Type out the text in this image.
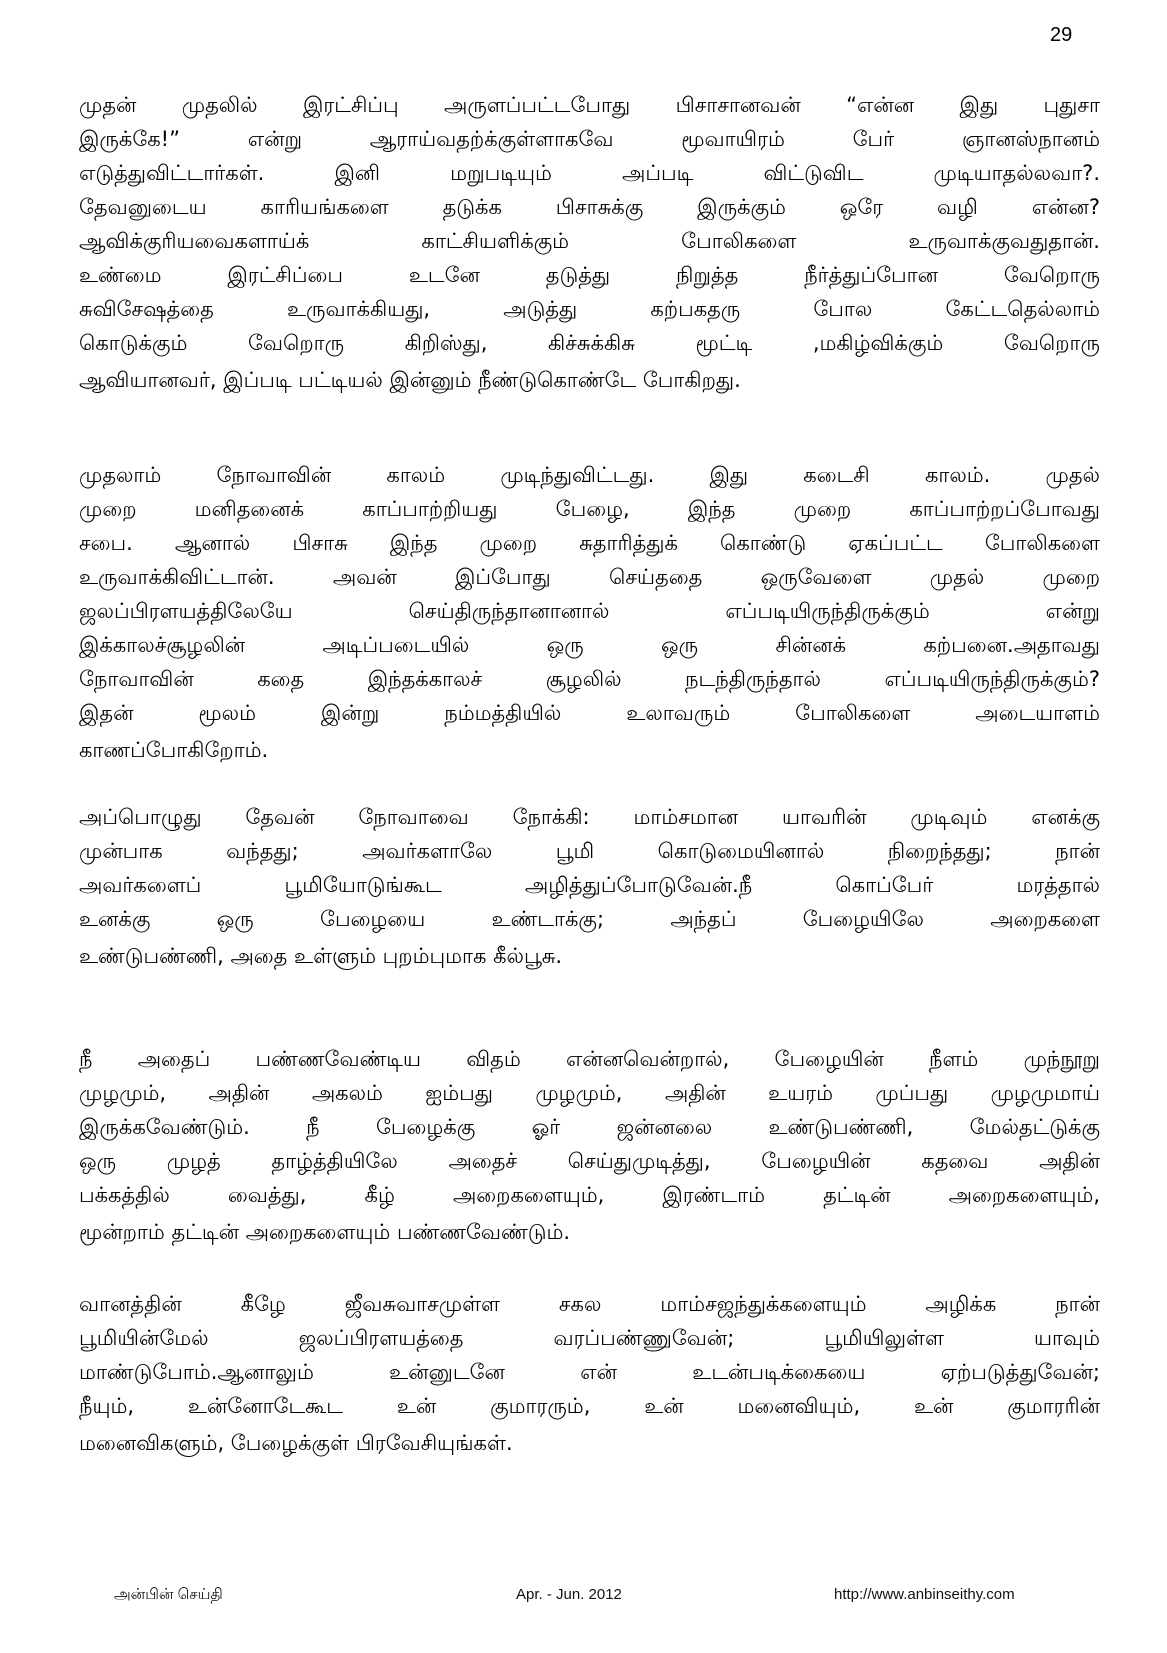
29
முதன் முதலில் இரட்சிப்பு அருளப்பட்டபோது பிசாசானவன் “என்ன இது புதுசா
இருக்கே!” என்று ஆராய்வதற்க்குள்ளாகவே மூவாயிரம் பேர் ஞானஸ்நானம்
எடுத்துவிட்டார்கள். இனி மறுபடியும் அப்படி விட்டுவிட முடியாதல்லவா?.
தேவனுடைய காரியங்களை தடுக்க பிசாசுக்கு இருக்கும் ஒரே வழி என்ன?
ஆவிக்குரியவைகளாய்க் காட்சியளிக்கும் போலிகளை உருவாக்குவதுதான்.
உண்மை இரட்சிப்பை உடனே தடுத்து நிறுத்த நீர்த்துப்போன வேறொரு
சுவிசேஷத்தை உருவாக்கியது, அடுத்து கற்பகதரு போல கேட்டதெல்லாம்
கொடுக்கும் வேறொரு கிறிஸ்து, கிச்சுக்கிசு மூட்டி ,மகிழ்விக்கும் வேறொரு
ஆவியானவர், இப்படி பட்டியல் இன்னும் நீண்டுகொண்டே போகிறது.
முதலாம் நோவாவின் காலம் முடிந்துவிட்டது. இது கடைசி காலம். முதல்
முறை மனிதனைக் காப்பாற்றியது பேழை, இந்த முறை காப்பாற்றப்போவது
சபை. ஆனால் பிசாசு இந்த முறை சுதாரித்துக் கொண்டு ஏகப்பட்ட போலிகளை
உருவாக்கிவிட்டான். அவன் இப்போது செய்ததை ஒருவேளை முதல் முறை
ஜலப்பிரளயத்திலேயே செய்திருந்தானானால் எப்படியிருந்திருக்கும் என்று
இக்காலச்சூழலின் அடிப்படையில் ஒரு ஒரு சின்னக் கற்பனை.அதாவது
நோவாவின் கதை இந்தக்காலச் சூழலில் நடந்திருந்தால் எப்படியிருந்திருக்கும்?
இதன் மூலம் இன்று நம்மத்தியில் உலாவரும் போலிகளை அடையாளம்
காணப்போகிறோம்.
அப்பொழுது தேவன் நோவாவை நோக்கி: மாம்சமான யாவரின் முடிவும் எனக்கு
முன்பாக வந்தது; அவர்களாலே பூமி கொடுமையினால் நிறைந்தது; நான்
அவர்களைப் பூமியோடுங்கூட அழித்துப்போடுவேன்.நீ கொப்பேர் மரத்தால்
உனக்கு ஒரு பேழையை உண்டாக்கு; அந்தப் பேழையிலே அறைகளை
உண்டுபண்ணி, அதை உள்ளும் புறம்புமாக கீல்பூசு.
நீ அதைப் பண்ணவேண்டிய விதம் என்னவென்றால், பேழையின் நீளம் முந்நூறு
முழமும், அதின் அகலம் ஐம்பது முழமும், அதின் உயரம் முப்பது முழமுமாய்
இருக்கவேண்டும். நீ பேழைக்கு ஓர் ஜன்னலை உண்டுபண்ணி, மேல்தட்டுக்கு
ஒரு முழத் தாழ்த்தியிலே அதைச் செய்துமுடித்து, பேழையின் கதவை அதின்
பக்கத்தில் வைத்து, கீழ் அறைகளையும், இரண்டாம் தட்டின் அறைகளையும்,
மூன்றாம் தட்டின் அறைகளையும் பண்ணவேண்டும்.
வானத்தின் கீழே ஜீவசுவாசமுள்ள சகல மாம்சஜந்துக்களையும் அழிக்க நான்
பூமியின்மேல் ஜலப்பிரளயத்தை வரப்பண்ணுவேன்; பூமியிலுள்ள யாவும்
மாண்டுபோம்.ஆனாலும் உன்னுடனே என் உடன்படிக்கையை ஏற்படுத்துவேன்;
நீயும், உன்னோடேகூட உன் குமாரரும், உன் மனைவியும், உன் குமாரரின்
மனைவிகளும், பேழைக்குள் பிரவேசியுங்கள்.
அன்பின் செய்தி	Apr. - Jun. 2012	http://www.anbinseithy.com
